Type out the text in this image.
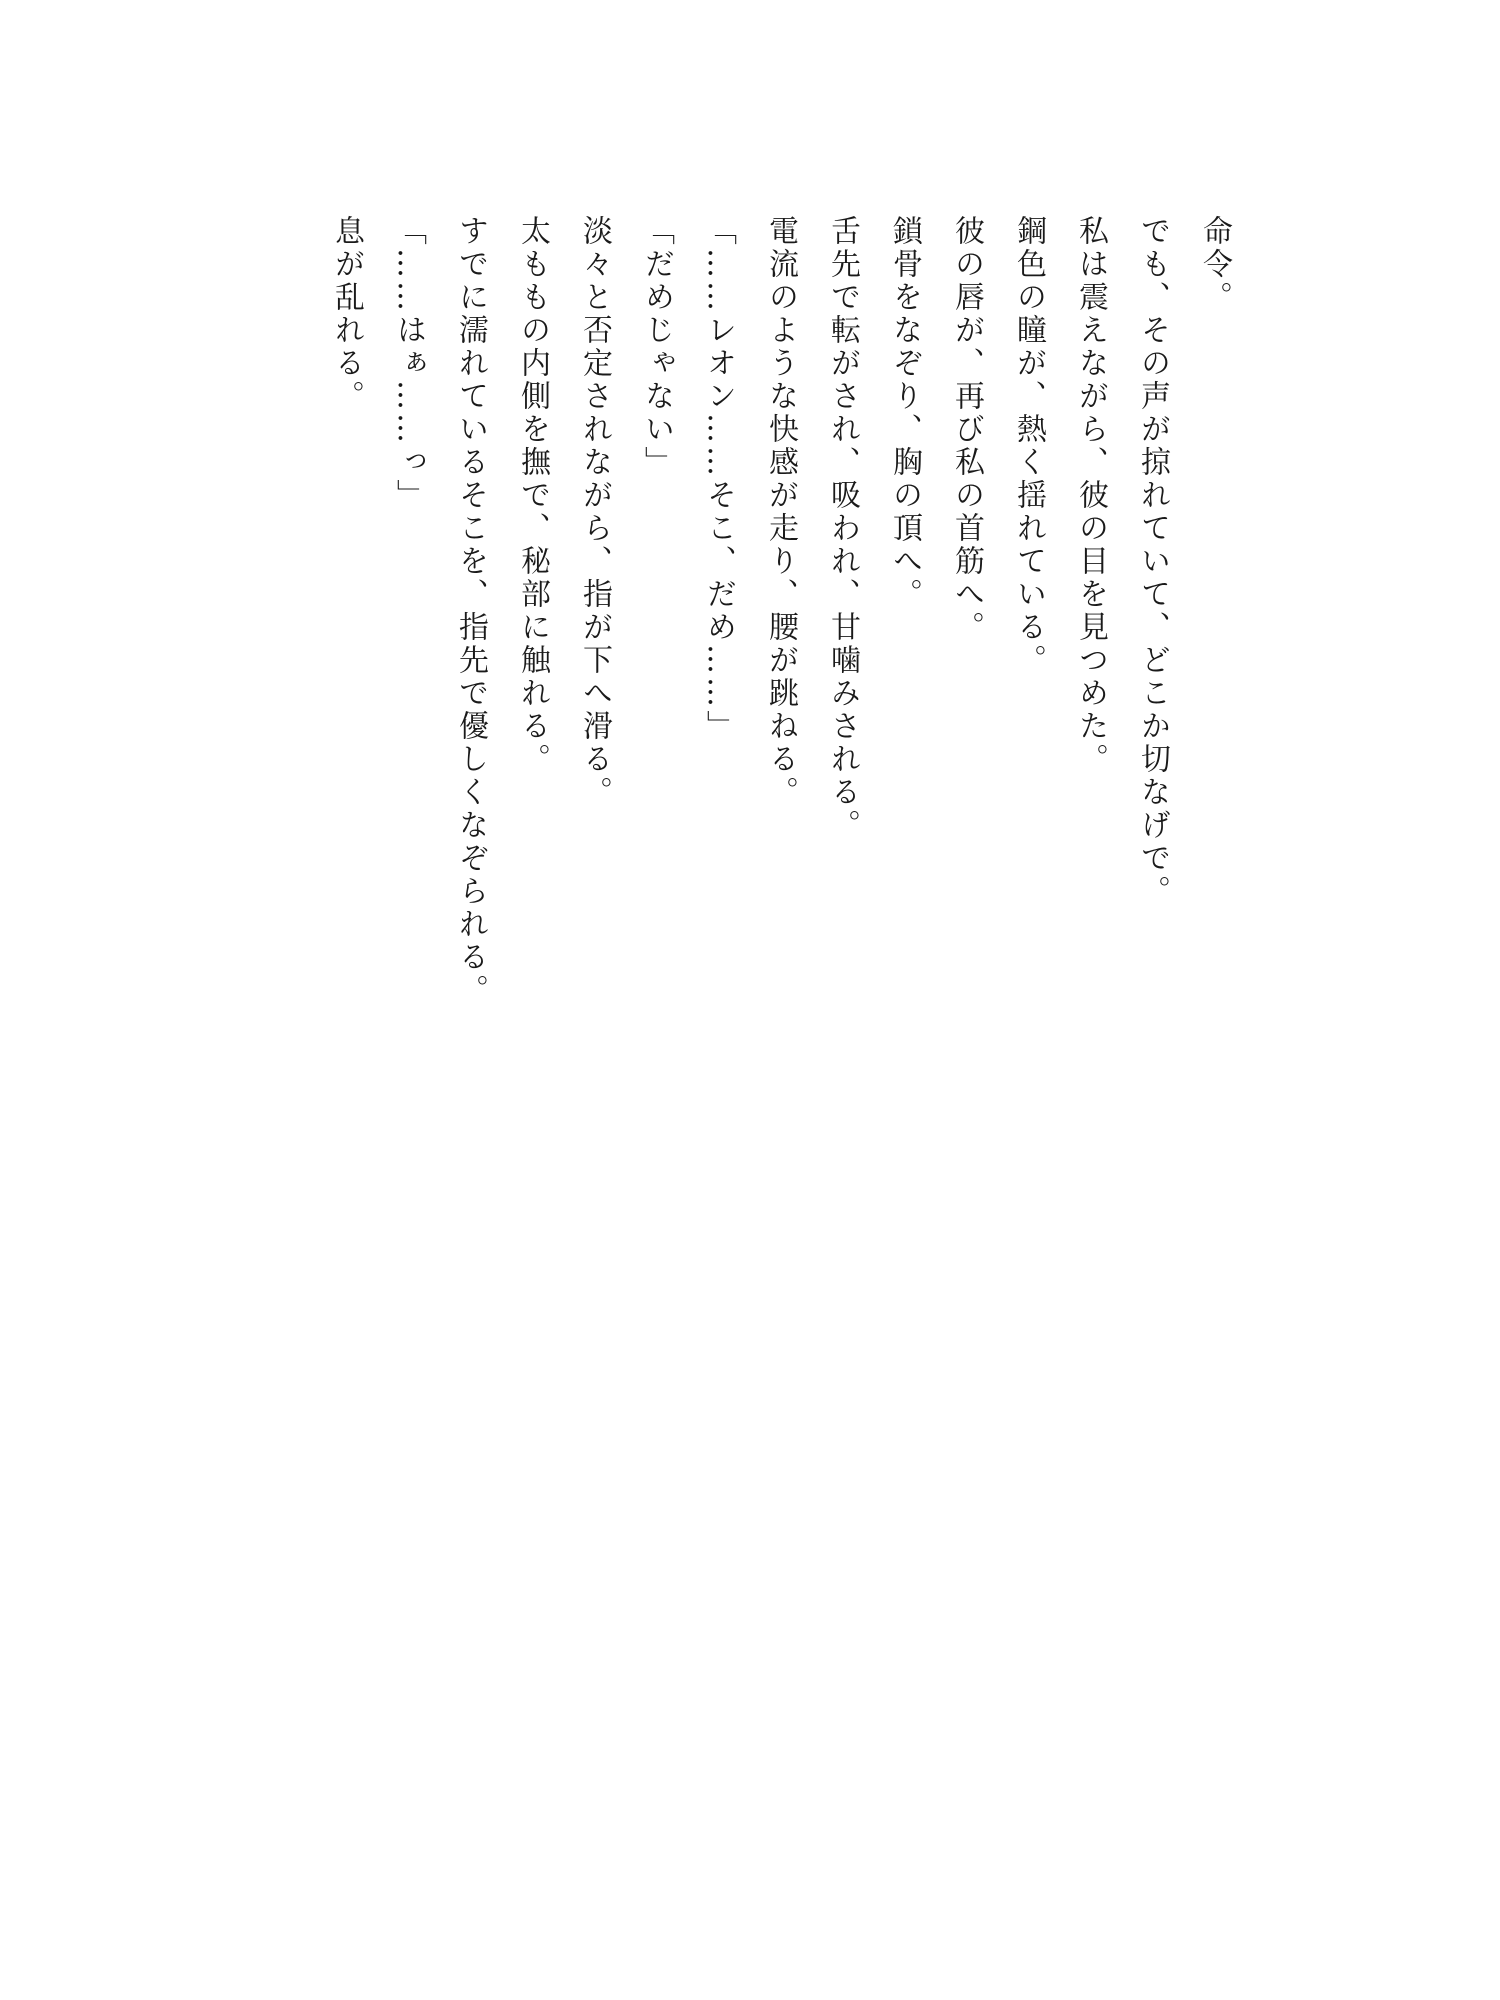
命令。
でも、その声が掠れていて、どこか切なげで。
私は震えながら、彼の目を見つめた。
鋼色の瞳が、熱く揺れている。
彼の唇が、再び私の首筋へ。
鎖骨をなぞり、胸の頂へ。
舌先で転がされ、吸われ、甘噛みされる。
電流のような快感が走り、腰が跳ねる。
「……レオン……そこ、だめ……」
「だめじゃない」
淡々と否定されながら、指が下へ滑る。
太ももの内側を撫で、秘部に触れる。
すでに濡れているそこを、指先で優しくなぞられる。
「……はぁ……っ」
息が乱れる。
